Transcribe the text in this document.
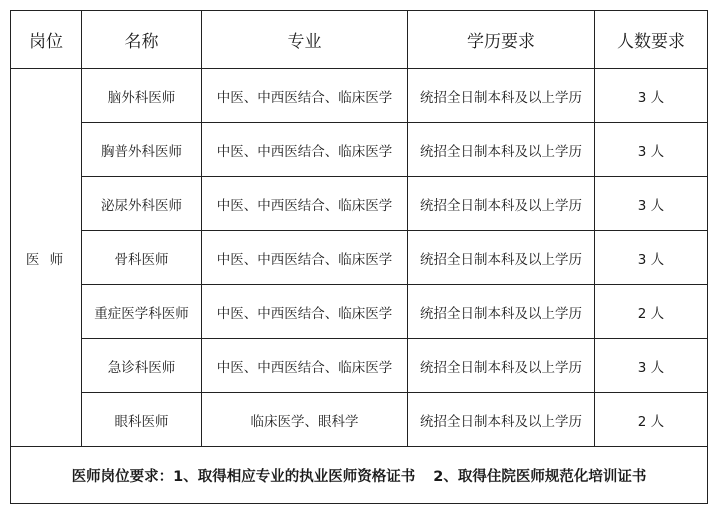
岗位	名称	专业	学历要求	人数要求
医 师	脑外科医师	中医、中西医结合、临床医学	统招全日制本科及以上学历	3 人
	胸普外科医师	中医、中西医结合、临床医学	统招全日制本科及以上学历	3 人
	泌尿外科医师	中医、中西医结合、临床医学	统招全日制本科及以上学历	3 人
	骨科医师	中医、中西医结合、临床医学	统招全日制本科及以上学历	3 人
	重症医学科医师	中医、中西医结合、临床医学	统招全日制本科及以上学历	2 人
	急诊科医师	中医、中西医结合、临床医学	统招全日制本科及以上学历	3 人
	眼科医师	临床医学、眼科学	统招全日制本科及以上学历	2 人
医师岗位要求：1、取得相应专业的执业医师资格证书 2、取得住院医师规范化培训证书				
